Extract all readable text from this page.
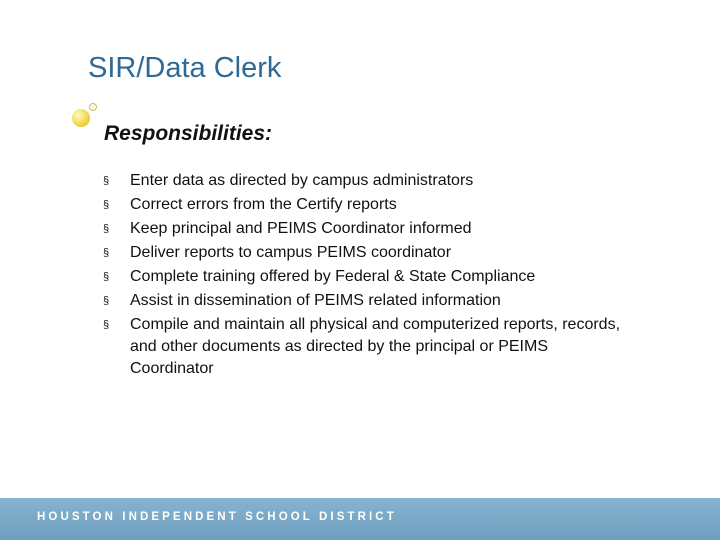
SIR/Data Clerk
Responsibilities:
§ Enter data as directed by campus administrators
§ Correct errors from the Certify reports
§ Keep principal and PEIMS Coordinator informed
§ Deliver reports to campus PEIMS coordinator
§ Complete training offered by Federal & State Compliance
§ Assist in dissemination of PEIMS related information
§ Compile and maintain all physical and computerized reports, records, and other documents as directed by the principal or PEIMS Coordinator
HOUSTON INDEPENDENT SCHOOL DISTRICT
10
